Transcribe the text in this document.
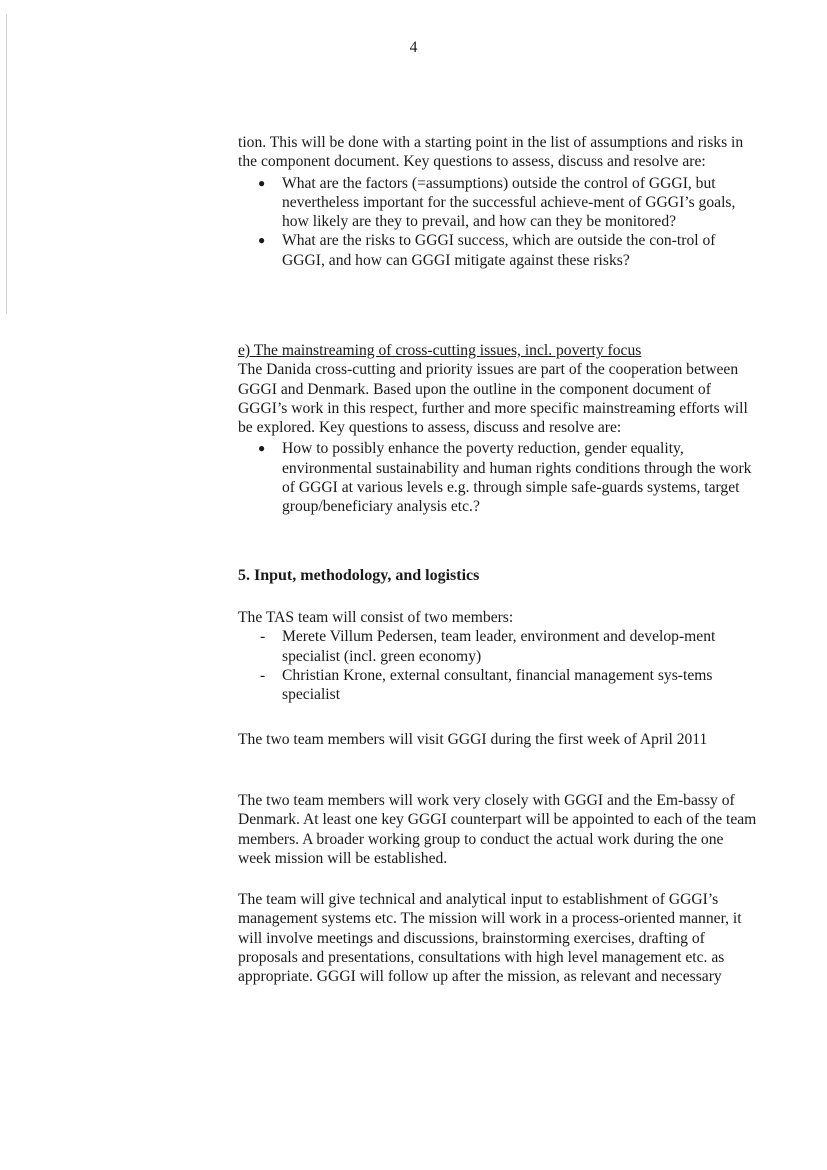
4

tion. This will be done with a starting point in the list of assumptions and risks in the component document. Key questions to assess, discuss and resolve are:

● What are the factors (=assumptions) outside the control of GGGI, but nevertheless important for the successful achieve-ment of GGGI’s goals, how likely are they to prevail, and how can they be monitored?
● What are the risks to GGGI success, which are outside the con-trol of GGGI, and how can GGGI mitigate against these risks?

e) The mainstreaming of cross-cutting issues, incl. poverty focus

The Danida cross-cutting and priority issues are part of the cooperation between GGGI and Denmark. Based upon the outline in the component document of GGGI’s work in this respect, further and more specific mainstreaming efforts will be explored. Key questions to assess, discuss and resolve are:

● How to possibly enhance the poverty reduction, gender equality, environmental sustainability and human rights conditions through the work of GGGI at various levels e.g. through simple safe-guards systems, target group/beneficiary analysis etc.?
5. Input, methodology, and logistics

The TAS team will consist of two members:

- Merete Villum Pedersen, team leader, environment and develop-ment specialist (incl. green economy)
- Christian Krone, external consultant, financial management sys-tems specialist
The two team members will visit GGGI during the first week of April 2011
The two team members will work very closely with GGGI and the Em-bassy of Denmark. At least one key GGGI counterpart will be appointed to each of the team members. A broader working group to conduct the actual work during the one week mission will be established.
The team will give technical and analytical input to establishment of GGGI’s management systems etc. The mission will work in a process-oriented manner, it will involve meetings and discussions, brainstorming exercises, drafting of proposals and presentations, consultations with high level management etc. as appropriate. GGGI will follow up after the mission, as relevant and necessary
